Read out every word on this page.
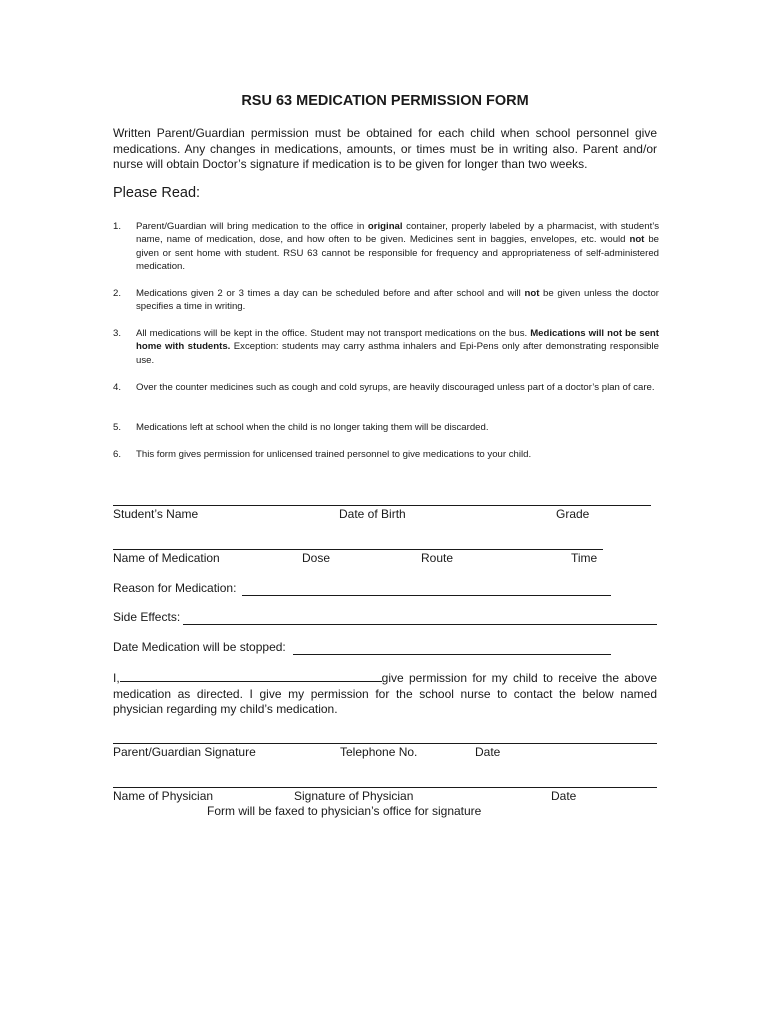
RSU 63 MEDICATION PERMISSION FORM
Written Parent/Guardian permission must be obtained for each child when school personnel give medications. Any changes in medications, amounts, or times must be in writing also. Parent and/or nurse will obtain Doctor’s signature if medication is to be given for longer than two weeks.
Please Read:
1.	Parent/Guardian will bring medication to the office in original container, properly labeled by a pharmacist, with student’s name, name of medication, dose, and how often to be given. Medicines sent in baggies, envelopes, etc. would not be given or sent home with student. RSU 63 cannot be responsible for frequency and appropriateness of self-administered medication.
2.	Medications given 2 or 3 times a day can be scheduled before and after school and will not be given unless the doctor specifies a time in writing.
3.	All medications will be kept in the office. Student may not transport medications on the bus. Medications will not be sent home with students. Exception: students may carry asthma inhalers and Epi-Pens only after demonstrating responsible use.
4.	Over the counter medicines such as cough and cold syrups, are heavily discouraged unless part of a doctor’s plan of care.
5.	Medications left at school when the child is no longer taking them will be discarded.
6.	This form gives permission for unlicensed trained personnel to give medications to your child.
Student’s Name	Date of Birth	Grade
Name of Medication	Dose	Route	Time
Reason for Medication:
Side Effects:
Date Medication will be stopped:
I,	give permission for my child to receive the above medication as directed. I give my permission for the school nurse to contact the below named physician regarding my child’s medication.
Parent/Guardian Signature	Telephone No.	Date
Name of Physician	Signature of Physician	Date
Form will be faxed to physician’s office for signature
